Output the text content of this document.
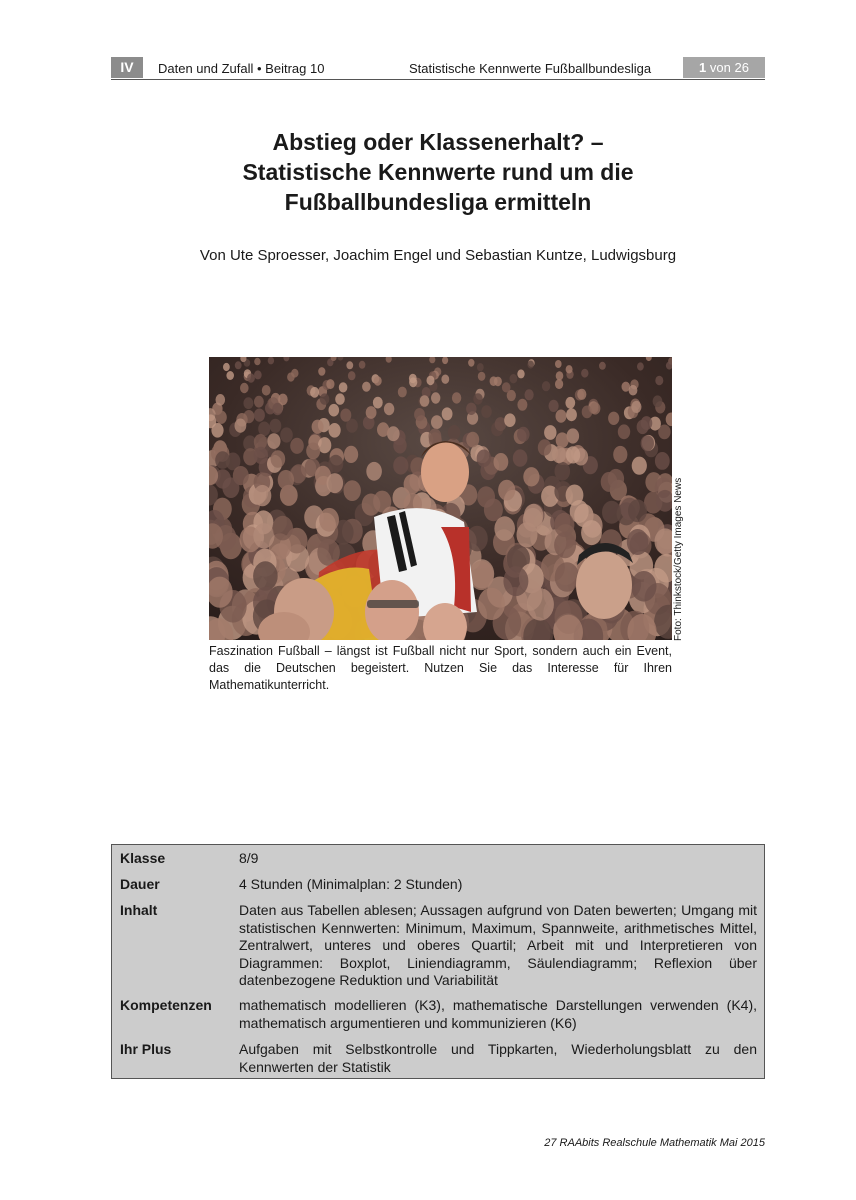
IV	Daten und Zufall • Beitrag 10	Statistische Kennwerte Fußballbundesliga	1 von 26
Abstieg oder Klassenerhalt? –
Statistische Kennwerte rund um die
Fußballbundesliga ermitteln
Von Ute Sproesser, Joachim Engel und Sebastian Kuntze, Ludwigsburg
Foto: Thinkstock/Getty Images News
Faszination Fußball – längst ist Fußball nicht nur Sport, sondern auch ein Event, das die Deutschen begeistert. Nutzen Sie das Interesse für Ihren Mathematikunterricht.
Klasse	8/9
Dauer	4 Stunden (Minimalplan: 2 Stunden)
Inhalt	Daten aus Tabellen ablesen; Aussagen aufgrund von Daten bewerten; Umgang mit statistischen Kennwerten: Minimum, Maximum, Spannweite, arithmetisches Mittel, Zentralwert, unteres und oberes Quartil; Arbeit mit und Interpretieren von Diagrammen: Boxplot, Liniendiagramm, Säulendiagramm; Reflexion über datenbezogene Reduktion und Variabilität
Kompetenzen	mathematisch modellieren (K3), mathematische Darstellungen verwenden (K4), mathematisch argumentieren und kommunizieren (K6)
Ihr Plus	Aufgaben mit Selbstkontrolle und Tippkarten, Wiederholungsblatt zu den Kennwerten der Statistik
27 RAAbits Realschule Mathematik Mai 2015
